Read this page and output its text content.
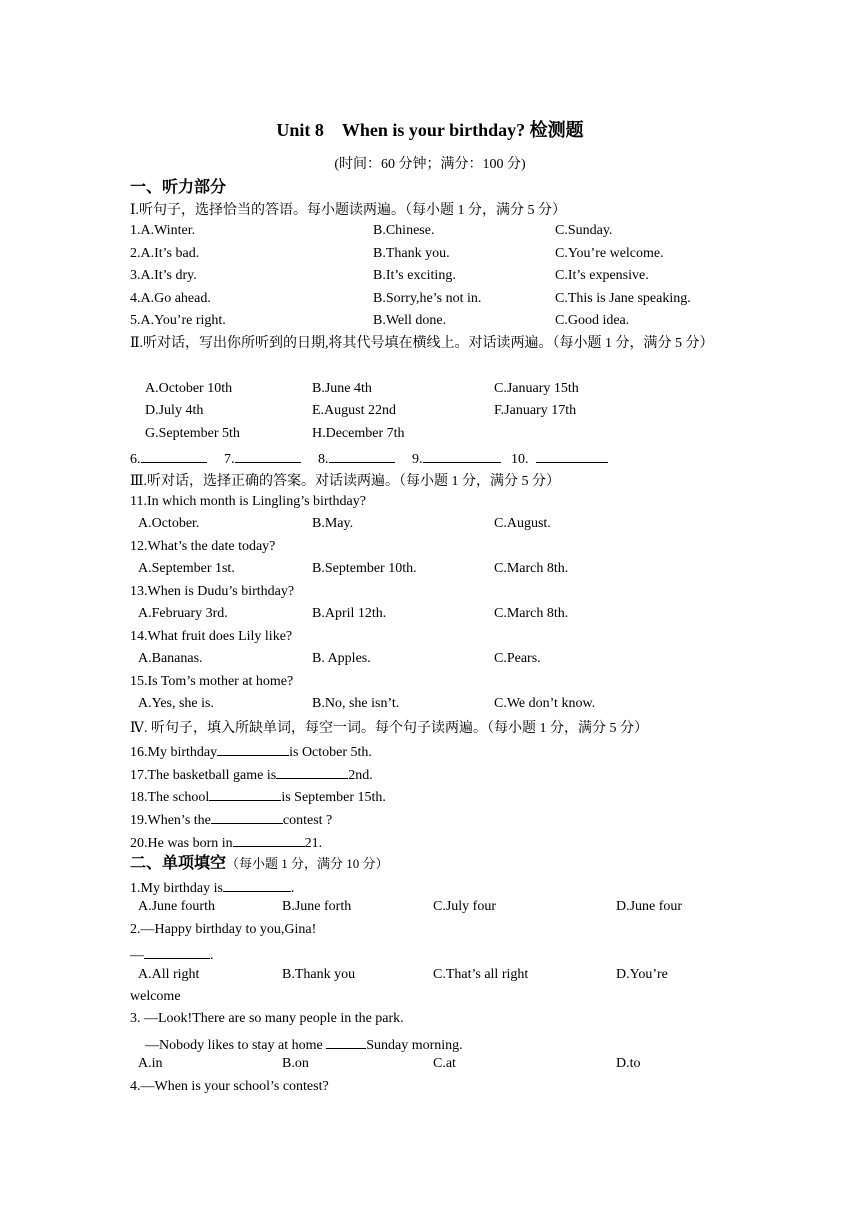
Unit 8　When is your birthday? 检测题
(时间：60 分钟；满分：100 分)
一、听力部分
Ⅰ.听句子，选择恰当的答语。每小题读两遍。（每小题 1 分，满分 5 分）
1.A.Winter.	B.Chinese.	C.Sunday.
2.A.It’s bad.	B.Thank you.	C.You’re welcome.
3.A.It’s dry.	B.It’s exciting.	C.It’s expensive.
4.A.Go ahead.	B.Sorry,he’s not in.	C.This is Jane speaking.
5.A.You’re right.	B.Well done.	C.Good idea.
Ⅱ.听对话，写出你所听到的日期,将其代号填在横线上。对话读两遍。（每小题 1 分，满分 5 分）
A.October 10th	B.June 4th	C.January 15th
D.July 4th	E.August 22nd	F.January 17th
G.September 5th	H.December 7th
6.	7.	8.	9.	10.
Ⅲ.听对话，选择正确的答案。对话读两遍。（每小题 1 分，满分 5 分）
11.In which month is Lingling’s birthday?
A.October.	B.May.	C.August.
12.What’s the date today?
A.September 1st.	B.September 10th.	C.March 8th.
13.When is Dudu’s birthday?
A.February 3rd.	B.April 12th.	C.March 8th.
14.What fruit does Lily like?
A.Bananas.	B. Apples.	C.Pears.
15.Is Tom’s mother at home?
A.Yes, she is.	B.No, she isn’t.	C.We don’t know.
Ⅳ. 听句子，填入所缺单词，每空一词。每个句子读两遍。（每小题 1 分，满分 5 分）
16.My birthday	is October 5th.
17.The basketball game is	2nd.
18.The school	is September 15th.
19.When’s the	contest ?
20.He was born in	21.
二、单项填空（每小题 1 分，满分 10 分）
1.My birthday is	.
A.June fourth	B.June forth	C.July four	D.June four
2.—Happy birthday to you,Gina!
—	.
A.All right	B.Thank you	C.That’s all right	D.You’re
welcome
3. —Look!There are so many people in the park.
—Nobody likes to stay at home	Sunday morning.
A.in	B.on	C.at	D.to
4.—When is your school’s contest?
